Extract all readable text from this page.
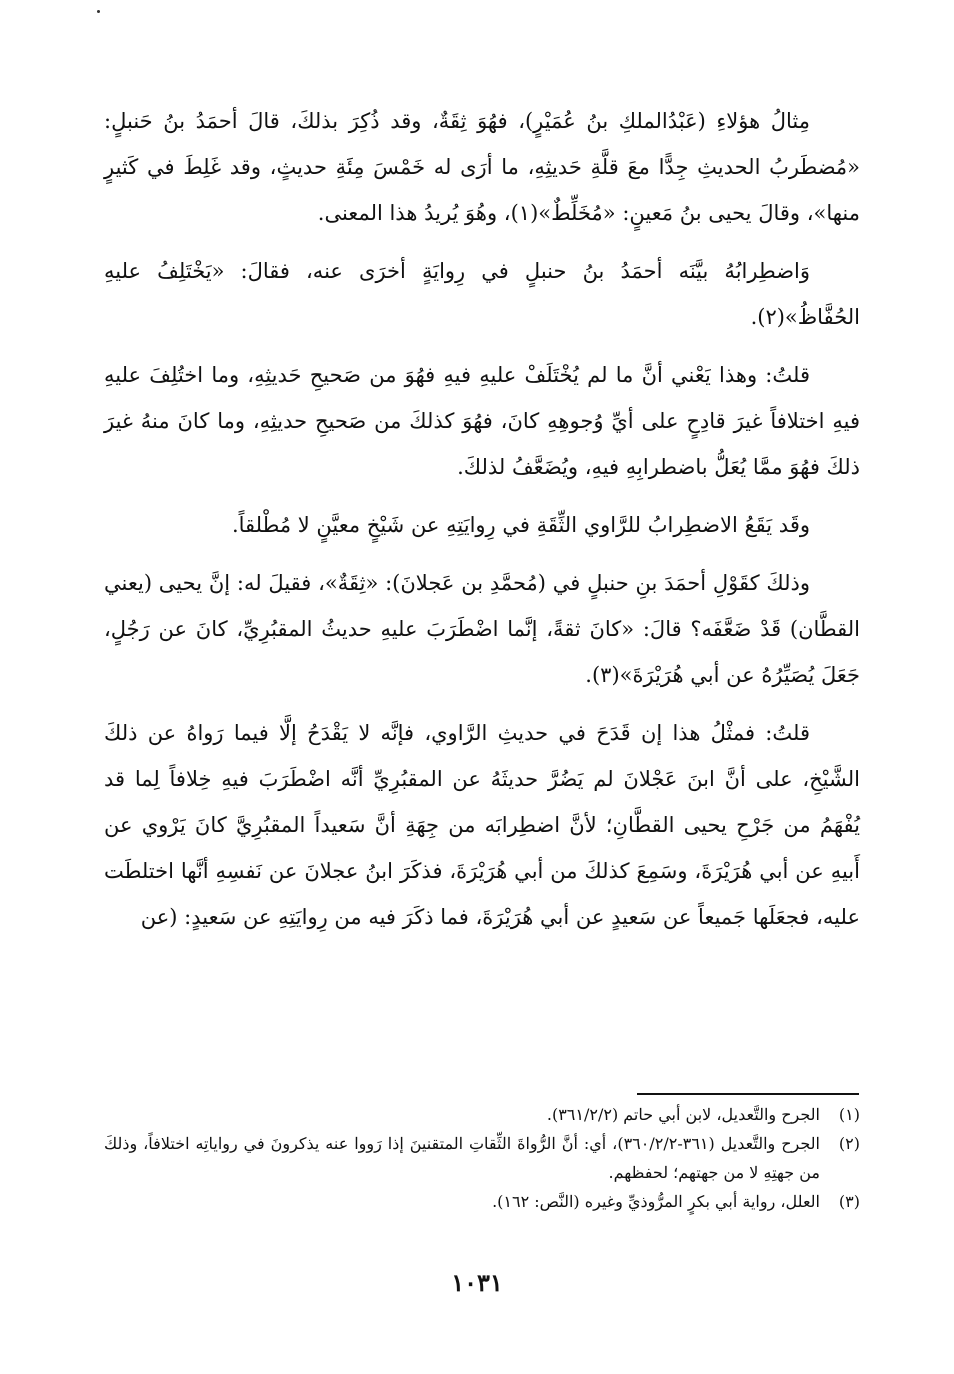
مِثالُ هؤلاءِ (عَبْدُالملكِ بنُ عُمَيْرٍ)، فهُوَ ثِقَةٌ، وقد ذُكِرَ بذلكَ، قالَ أحمَدُ بنُ حَنبلٍ: «مُضطَربُ الحديثِ جِدًّا معَ قلَّةِ حَديثِهِ، ما أرَى له خَمْسَ مِئَةِ حديثٍ، وقد غَلِطَ في كَثيرٍ منها»، وقالَ يحيى بنُ مَعينٍ: «مُخَلِّطٌ»(١)، وهُوَ يُريدُ هذا المعنى.

وَاضطِرابُهُ بيَّنَه أحمَدُ بنُ حنبلٍ في رِوايَةٍ أخرَى عنه، فقالَ: «يَخْتَلِفُ عليهِ الحُفَّاظُ»(٢).

قلتُ: وهذا يَعْني أنَّ ما لم يُخْتَلَفْ عليهِ فيهِ فهُوَ من صَحيحِ حَديثِهِ، وما اختُلِفَ عليهِ فيهِ اختلافاً غيرَ قادِحٍ على أيِّ وُجوهِهِ كانَ، فهُوَ كذلكَ من صَحيحِ حديثِهِ، وما كانَ منهُ غيرَ ذلكَ فهُوَ ممَّا يُعَلُّ باضطرابِهِ فيهِ، ويُضَعَّفُ لذلكَ.

وقَد يَقَعُ الاضطِرابُ للرَّاوي الثِّقَةِ في رِوايَتِهِ عن شَيْخٍ معيَّنٍ لا مُطْلقاً.

وذلكَ كقَوْلِ أحمَدَ بنِ حنبلٍ في (مُحمَّدِ بن عَجلانَ): «ثِقَةٌ»، فقيلَ له: إنَّ يحيى (يعني القطَّان) قَدْ ضَعَّفَه؟ قالَ: «كانَ ثقةً، إنَّما اضْطَرَبَ عليهِ حديثُ المقبُرِيِّ، كانَ عن رَجُلٍ، جَعَلَ يُصَيِّرُهُ عن أبي هُرَيْرَةَ»(٣).

قلتُ: فمثْلُ هذا إن قَدَحَ في حديثِ الرَّاوي، فإنَّه لا يَقْدَحُ إلَّا فيما رَواهُ عن ذلكَ الشَّيْخِ، على أنَّ ابنَ عَجْلانَ لم يَضُرَّ حديثَهُ عن المقبُرِيِّ أنَّه اضْطَرَبَ فيهِ خِلافاً لِما قد يُفْهَمُ من جَرْحِ يحيى القطَّانِ؛ لأنَّ اضطِرابَه من جِهَةِ أنَّ سَعيداً المقبُرِيَّ كانَ يَرْوي عن أَبيهِ عن أبي هُرَيْرَةَ، وسَمِعَ كذلكَ من أبي هُرَيْرَةَ، فذكَرَ ابنُ عجلانَ عن نَفسِهِ أنَّها اختلطَت عليه، فجعَلَها جَميعاً عن سَعيدٍ عن أبي هُرَيْرَةَ، فما ذكَرَ فيه من رِوايَتِهِ عن سَعيدٍ: (عن

(١)
الجرح والتَّعديل، لابن أبي حاتم (٣٦١/٢/٢).
(٢)
الجرح والتَّعديل (٣٦١-٣٦٠/٢/٢)، أي: أنَّ الرُّواةَ الثِّقاتِ المتقنينَ إذا رَووا عنه يذكرونَ في رواياتِه اختلافاً، وذلكَ من جهتِهِ لا من جهتهم؛ لحفظهم.
(٣)
العلل، رواية أبي بكرٍ المرُّوذيِّ وغيره (النَّص: ١٦٢).
١٠٣١
